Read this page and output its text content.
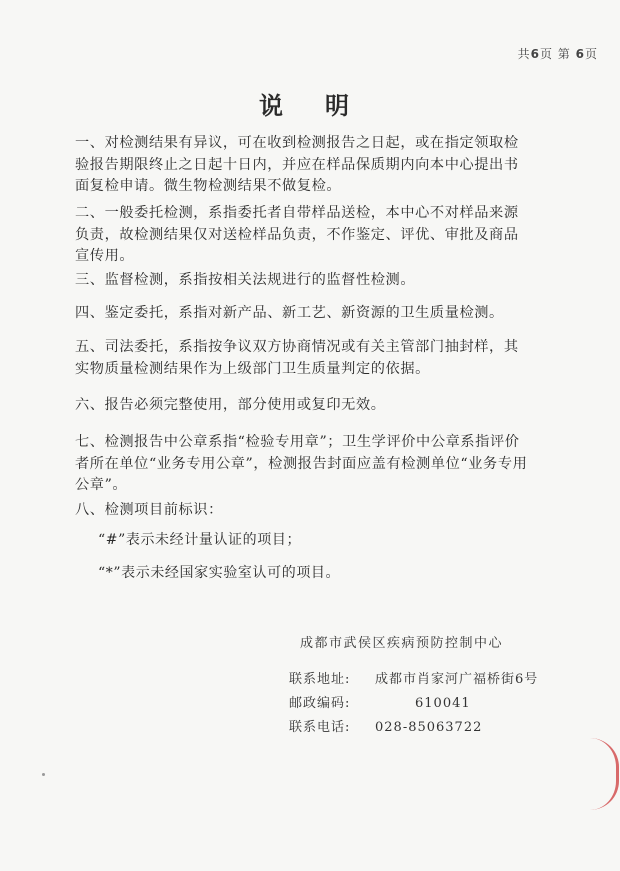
共6页 第 6页
说明

一、对检测结果有异议，可在收到检测报告之日起，或在指定领取检验报告期限终止之日起十日内，并应在样品保质期内向本中心提出书面复检申请。微生物检测结果不做复检。

二、一般委托检测，系指委托者自带样品送检，本中心不对样品来源负责，故检测结果仅对送检样品负责，不作鉴定、评优、审批及商品宣传用。

三、监督检测，系指按相关法规进行的监督性检测。

四、鉴定委托，系指对新产品、新工艺、新资源的卫生质量检测。

五、司法委托，系指按争议双方协商情况或有关主管部门抽封样，其实物质量检测结果作为上级部门卫生质量判定的依据。

六、报告必须完整使用，部分使用或复印无效。

七、检测报告中公章系指“检验专用章”；卫生学评价中公章系指评价者所在单位“业务专用公章”，检测报告封面应盖有检测单位“业务专用公章”。

八、检测项目前标识：

“#”表示未经计量认证的项目；
“*”表示未经国家实验室认可的项目。
成都市武侯区疾病预防控制中心
联系地址: 成都市肖家河广福桥街6号
邮政编码:	610041
联系电话: 028-85063722
